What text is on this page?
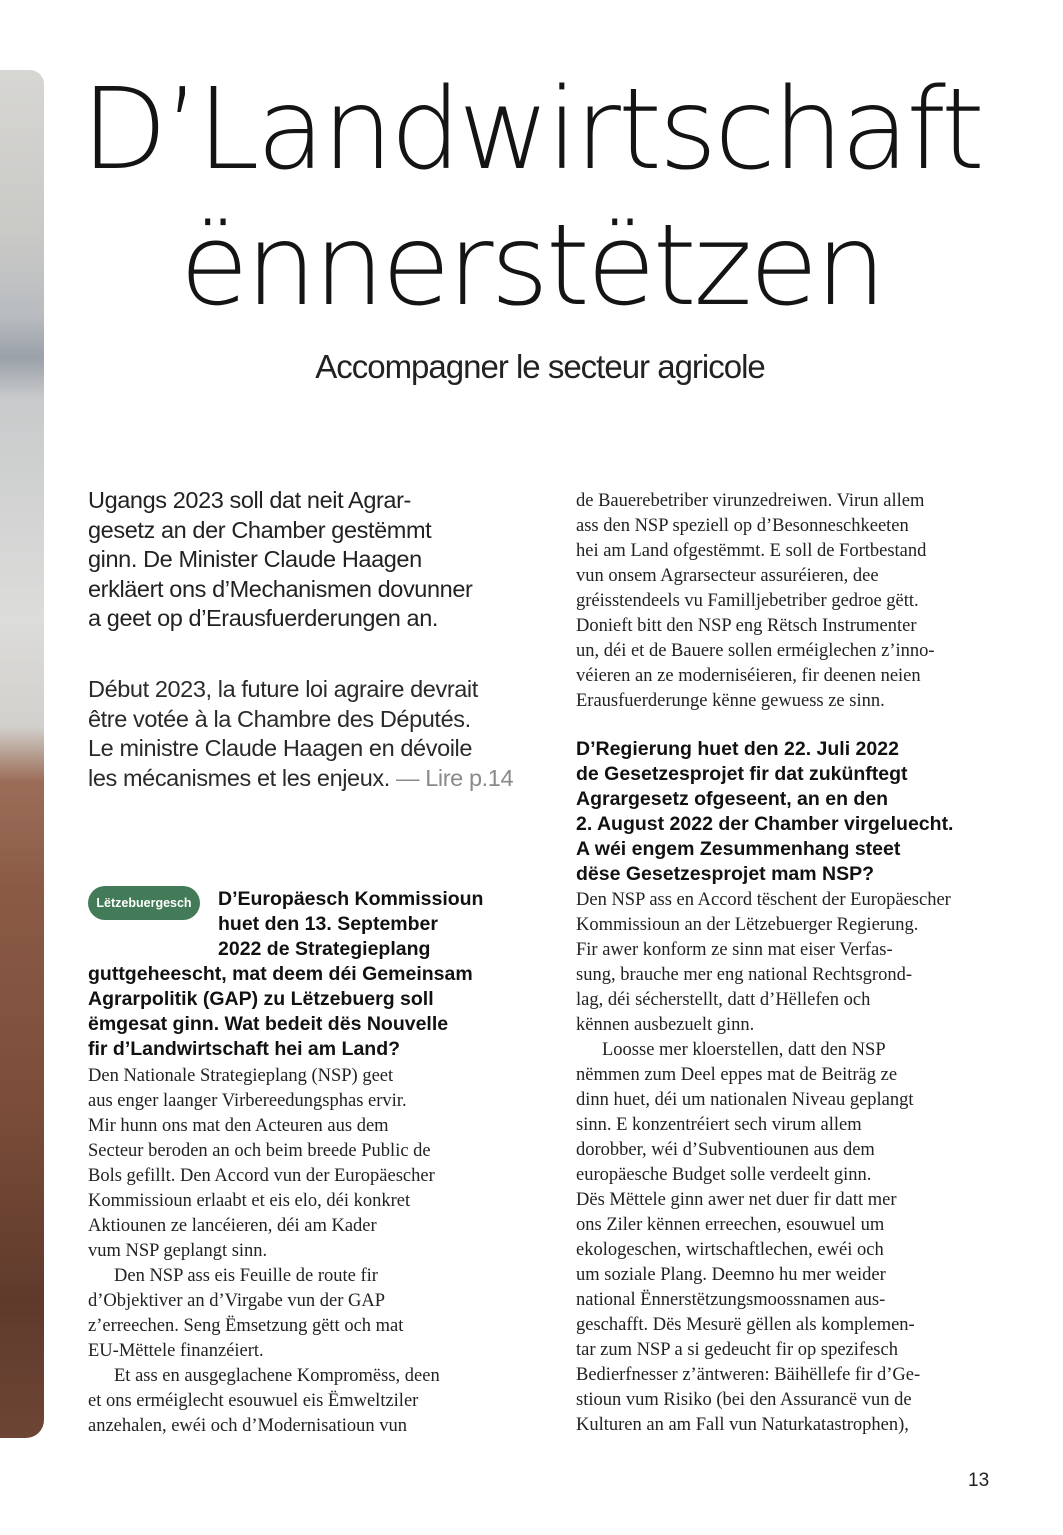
D’Landwirtschaft
ënnerstëtzen

Accompagner le secteur agricole

Ugangs 2023 soll dat neit Agrar-
gesetz an der Chamber gestëmmt
ginn. De Minister Claude Haagen
erkläert ons d’Mechanismen dovunner
a geet op d’Erausfuerderungen an.

Début 2023, la future loi agraire devrait
être votée à la Chambre des Députés.
Le ministre Claude Haagen en dévoile
les mécanismes et les enjeux. — Lire p.14

Lëtzebuergesch	D’Europäesch Kommissioun
huet den 13. September
2022 de Strategieplang

guttgeheescht, mat deem déi Gemeinsam
Agrarpolitik (GAP) zu Lëtzebuerg soll
ëmgesat ginn. Wat bedeit dës Nouvelle
fir d’Landwirtschaft hei am Land?

Den Nationale Strategieplang (NSP) geet
aus enger laanger Virbereedungsphas ervir.
Mir hunn ons mat den Acteuren aus dem
Secteur beroden an och beim breede Public de
Bols gefillt. Den Accord vun der Europäescher
Kommissioun erlaabt et eis elo, déi konkret
Aktiounen ze lancéieren, déi am Kader
vum NSP geplangt sinn.

Den NSP ass eis Feuille de route fir
d’Objektiver an d’Virgabe vun der GAP
z’erreechen. Seng Ëmsetzung gëtt och mat
EU-Mëttele finanzéiert.

Et ass en ausgeglachene Kompromëss, deen
et ons erméiglecht esouwuel eis Ëmweltziler
anzehalen, ewéi och d’Modernisatioun vun

de Bauerebetriber virunzedreiwen. Virun allem
ass den NSP speziell op d’Besonneschkeeten
hei am Land ofgestëmmt. E soll de Fortbestand
vun onsem Agrarsecteur assuréieren, dee
gréisstendeels vu Familljebetriber gedroe gëtt.
Donieft bitt den NSP eng Rëtsch Instrumenter
un, déi et de Bauere sollen erméiglechen z’inno-
véieren an ze moderniséieren, fir deenen neien
Erausfuerderunge kënne gewuess ze sinn.

D’Regierung huet den 22. Juli 2022
de Gesetzesprojet fir dat zukünftegt
Agrargesetz ofgeseent, an en den
2. August 2022 der Chamber virgeluecht.
A wéi engem Zesummenhang steet
dëse Gesetzesprojet mam NSP?

Den NSP ass en Accord tëschent der Europäescher
Kommissioun an der Lëtzebuerger Regierung.
Fir awer konform ze sinn mat eiser Verfas-
sung, brauche mer eng national Rechtsgrond-
lag, déi sécherstellt, datt d’Hëllefen och
kënnen ausbezuelt ginn.

Loosse mer kloerstellen, datt den NSP
nëmmen zum Deel eppes mat de Beiträg ze
dinn huet, déi um nationalen Niveau geplangt
sinn. E konzentréiert sech virum allem
dorobber, wéi d’Subventiounen aus dem
europäesche Budget solle verdeelt ginn.
Dës Mëttele ginn awer net duer fir datt mer
ons Ziler kënnen erreechen, esouwuel um
ekologeschen, wirtschaftlechen, ewéi och
um soziale Plang. Deemno hu mer weider
national Ënnerstëtzungsmoossnamen aus-
geschafft. Dës Mesurë gëllen als komplemen-
tar zum NSP a si gedeucht fir op spezifesch
Bedierfnesser z’äntweren: Bäihëllefe fir d’Ge-
stioun vum Risiko (bei den Assurancë vun de
Kulturen an am Fall vun Naturkatastrophen),

13
